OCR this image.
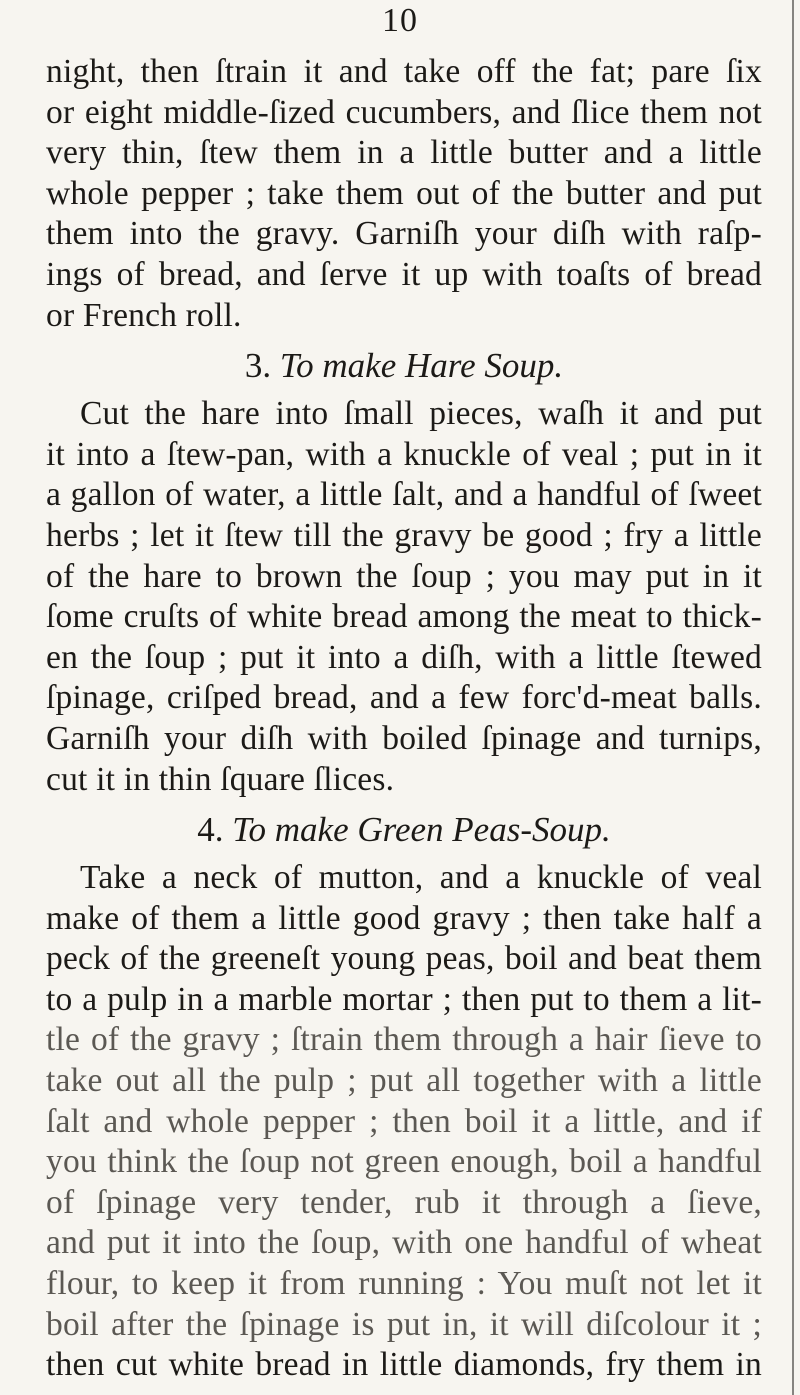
10
night, then ſtrain it and take off the fat; pare ſix
or eight middle-ſized cucumbers, and ſlice them not
very thin, ſtew them in a little butter and a little
whole pepper ; take them out of the butter and put
them into the gravy. Garniſh your diſh with raſp-
ings of bread, and ſerve it up with toaſts of bread
or French roll.
3. To make Hare Soup.
Cut the hare into ſmall pieces, waſh it and put
it into a ſtew-pan, with a knuckle of veal ; put in it
a gallon of water, a little ſalt, and a handful of ſweet
herbs ; let it ſtew till the gravy be good ; fry a little
of the hare to brown the ſoup ; you may put in it
ſome cruſts of white bread among the meat to thick-
en the ſoup ; put it into a diſh, with a little ſtewed
ſpinage, criſped bread, and a few forc'd-meat balls.
Garniſh your diſh with boiled ſpinage and turnips,
cut it in thin ſquare ſlices.
4. To make Green Peas-Soup.
Take a neck of mutton, and a knuckle of veal
make of them a little good gravy ; then take half a
peck of the greeneſt young peas, boil and beat them
to a pulp in a marble mortar ; then put to them a lit-
tle of the gravy ; ſtrain them through a hair ſieve to
take out all the pulp ; put all together with a little
ſalt and whole pepper ; then boil it a little, and if
you think the ſoup not green enough, boil a handful
of ſpinage very tender, rub it through a ſieve,
and put it into the ſoup, with one handful of wheat
flour, to keep it from running : You muſt not let it
boil after the ſpinage is put in, it will diſcolour it ;
then cut white bread in little diamonds, fry them in
